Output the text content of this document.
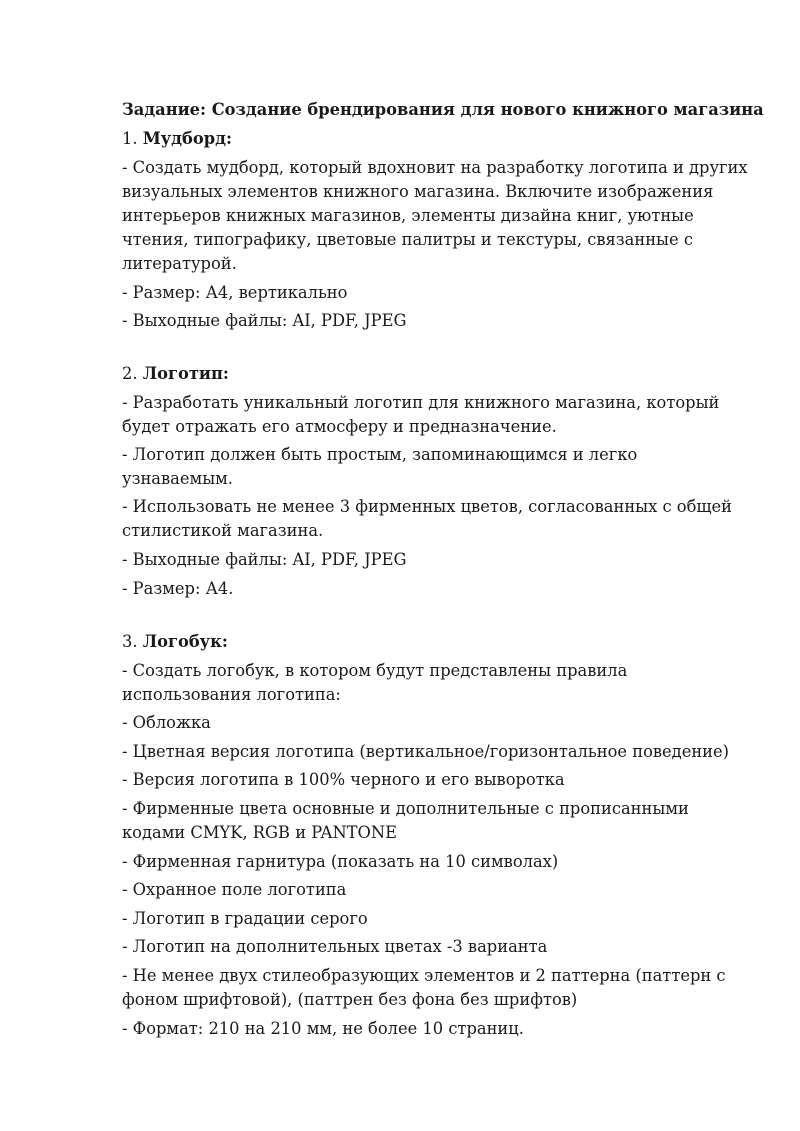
Задание: Создание брендирования для нового книжного магазина
1. Мудборд:
- Создать мудборд, который вдохновит на разработку логотипа и других
визуальных элементов книжного магазина. Включите изображения
интерьеров книжных магазинов, элементы дизайна книг, уютные
чтения, типографику, цветовые палитры и текстуры, связанные с
литературой.
- Размер: А4, вертикально
- Выходные файлы: AI, PDF, JPEG
2. Логотип:
- Разработать уникальный логотип для книжного магазина, который
будет отражать его атмосферу и предназначение.
- Логотип должен быть простым, запоминающимся и легко
узнаваемым.
- Использовать не менее 3 фирменных цветов, согласованных с общей
стилистикой магазина.
- Выходные файлы: AI, PDF, JPEG
- Размер: А4.
3. Логобук:
- Создать логобук, в котором будут представлены правила
использования логотипа:
- Обложка
- Цветная версия логотипа (вертикальное/горизонтальное поведение)
- Версия логотипа в 100% черного и его выворотка
- Фирменные цвета основные и дополнительные с прописанными
кодами CMYK, RGB и PANTONE
- Фирменная гарнитура (показать на 10 символах)
- Охранное поле логотипа
- Логотип в градации серого
- Логотип на дополнительных цветах -3 варианта
- Не менее двух стилеобразующих элементов и 2 паттерна (паттерн с
фоном шрифтовой), (паттрен без фона без шрифтов)
- Формат: 210 на 210 мм, не более 10 страниц.
